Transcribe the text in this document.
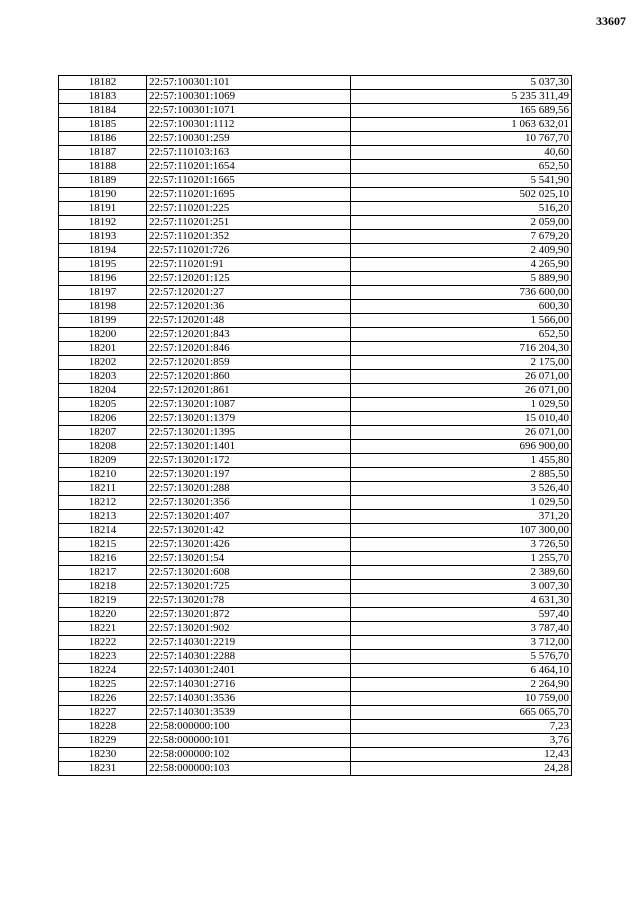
33607
18182	22:57:100301:101	5 037,30
18183	22:57:100301:1069	5 235 311,49
18184	22:57:100301:1071	165 689,56
18185	22:57:100301:1112	1 063 632,01
18186	22:57:100301:259	10 767,70
18187	22:57:110103:163	40,60
18188	22:57:110201:1654	652,50
18189	22:57:110201:1665	5 541,90
18190	22:57:110201:1695	502 025,10
18191	22:57:110201:225	516,20
18192	22:57:110201:251	2 059,00
18193	22:57:110201:352	7 679,20
18194	22:57:110201:726	2 409,90
18195	22:57:110201:91	4 265,90
18196	22:57:120201:125	5 889,90
18197	22:57:120201:27	736 600,00
18198	22:57:120201:36	600,30
18199	22:57:120201:48	1 566,00
18200	22:57:120201:843	652,50
18201	22:57:120201:846	716 204,30
18202	22:57:120201:859	2 175,00
18203	22:57:120201:860	26 071,00
18204	22:57:120201:861	26 071,00
18205	22:57:130201:1087	1 029,50
18206	22:57:130201:1379	15 010,40
18207	22:57:130201:1395	26 071,00
18208	22:57:130201:1401	696 900,00
18209	22:57:130201:172	1 455,80
18210	22:57:130201:197	2 885,50
18211	22:57:130201:288	3 526,40
18212	22:57:130201:356	1 029,50
18213	22:57:130201:407	371,20
18214	22:57:130201:42	107 300,00
18215	22:57:130201:426	3 726,50
18216	22:57:130201:54	1 255,70
18217	22:57:130201:608	2 389,60
18218	22:57:130201:725	3 007,30
18219	22:57:130201:78	4 631,30
18220	22:57:130201:872	597,40
18221	22:57:130201:902	3 787,40
18222	22:57:140301:2219	3 712,00
18223	22:57:140301:2288	5 576,70
18224	22:57:140301:2401	6 464,10
18225	22:57:140301:2716	2 264,90
18226	22:57:140301:3536	10 759,00
18227	22:57:140301:3539	665 065,70
18228	22:58:000000:100	7,23
18229	22:58:000000:101	3,76
18230	22:58:000000:102	12,43
18231	22:58:000000:103	24,28
